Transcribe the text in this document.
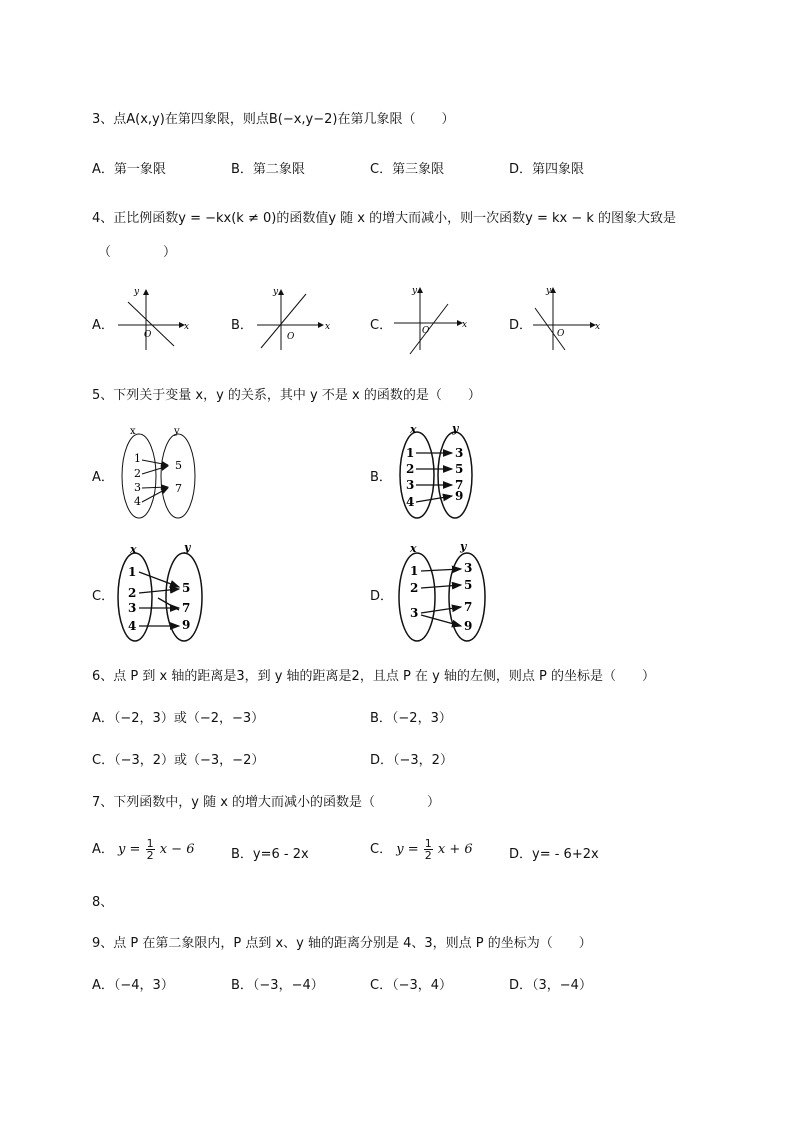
3、点A(x,y)在第四象限，则点B(−x,y−2)在第几象限（　　）
A．第一象限	B．第二象限	C．第三象限	D．第四象限
4、正比例函数y = −kx(k ≠ 0)的函数值y 随 x 的增大而减小，则一次函数y = kx − k 的图象大致是
（　　　　）
A．	B．	C．	D．
x
y
O
x
y
O
x
y
O	x
y
O
5、下列关于变量 x，y 的关系，其中 y 不是 x 的函数的是（　　）
A．	B．
C．	D．
x	y
1
2
3
4
5
7
x	y
1
2
3
4
3
5
7
9
x	y
1
2
3
4
5
7
9
x	y
1
2
3
3
5
7
9
6、点 P 到 x 轴的距离是3，到 y 轴的距离是2，且点 P 在 y 轴的左侧，则点 P 的坐标是（　　）
A．（−2，3）或（−2，−3）	B．（−2，3）
C．（−3，2）或（−3，−2）	D．（−3，2）
7、下列函数中，y 随 x 的增大而减小的函数是（　　　　）
A． $y = \frac{1}{2}$ x − 6	B．y=6 - 2x	C． $y = \frac{1}{2}$ x + 6	D．y= - 6+2x
8、
9、点 P 在第二象限内，P 点到 x、y 轴的距离分别是 4、3，则点 P 的坐标为（　　）
A．（−4，3）	B．（−3，−4）	C．（−3，4）	D．（3，−4）
